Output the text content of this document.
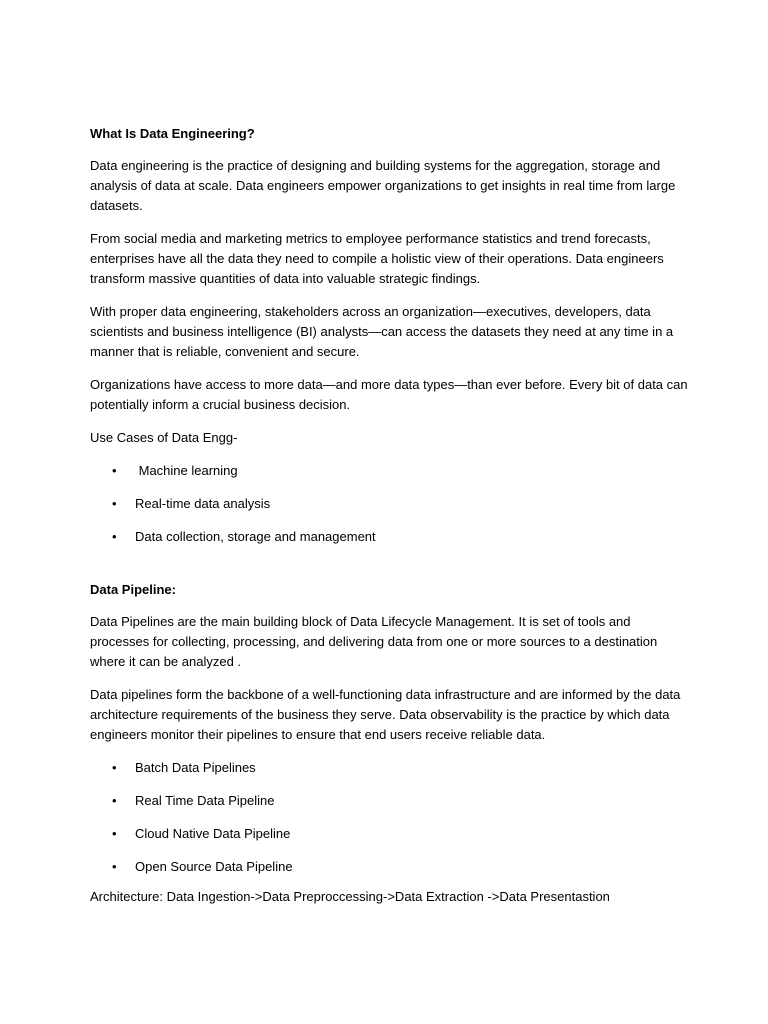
What Is Data Engineering?

Data engineering is the practice of designing and building systems for the aggregation, storage and analysis of data at scale. Data engineers empower organizations to get insights in real time from large datasets.

From social media and marketing metrics to employee performance statistics and trend forecasts, enterprises have all the data they need to compile a holistic view of their operations. Data engineers transform massive quantities of data into valuable strategic findings.

With proper data engineering, stakeholders across an organization—executives, developers, data scientists and business intelligence (BI) analysts—can access the datasets they need at any time in a manner that is reliable, convenient and secure.

Organizations have access to more data—and more data types—than ever before. Every bit of data can potentially inform a crucial business decision.

Use Cases of Data Engg-

• Machine learning
• Real-time data analysis
• Data collection, storage and management
Data Pipeline:

Data Pipelines are the main building block of Data Lifecycle Management. It is set of tools and processes for collecting, processing, and delivering data from one or more sources to a destination where it can be analyzed .

Data pipelines form the backbone of a well-functioning data infrastructure and are informed by the data architecture requirements of the business they serve. Data observability is the practice by which data engineers monitor their pipelines to ensure that end users receive reliable data.

• Batch Data Pipelines
• Real Time Data Pipeline
• Cloud Native Data Pipeline
• Open Source Data Pipeline

Architecture: Data Ingestion->Data Preproccessing->Data Extraction ->Data Presentastion
